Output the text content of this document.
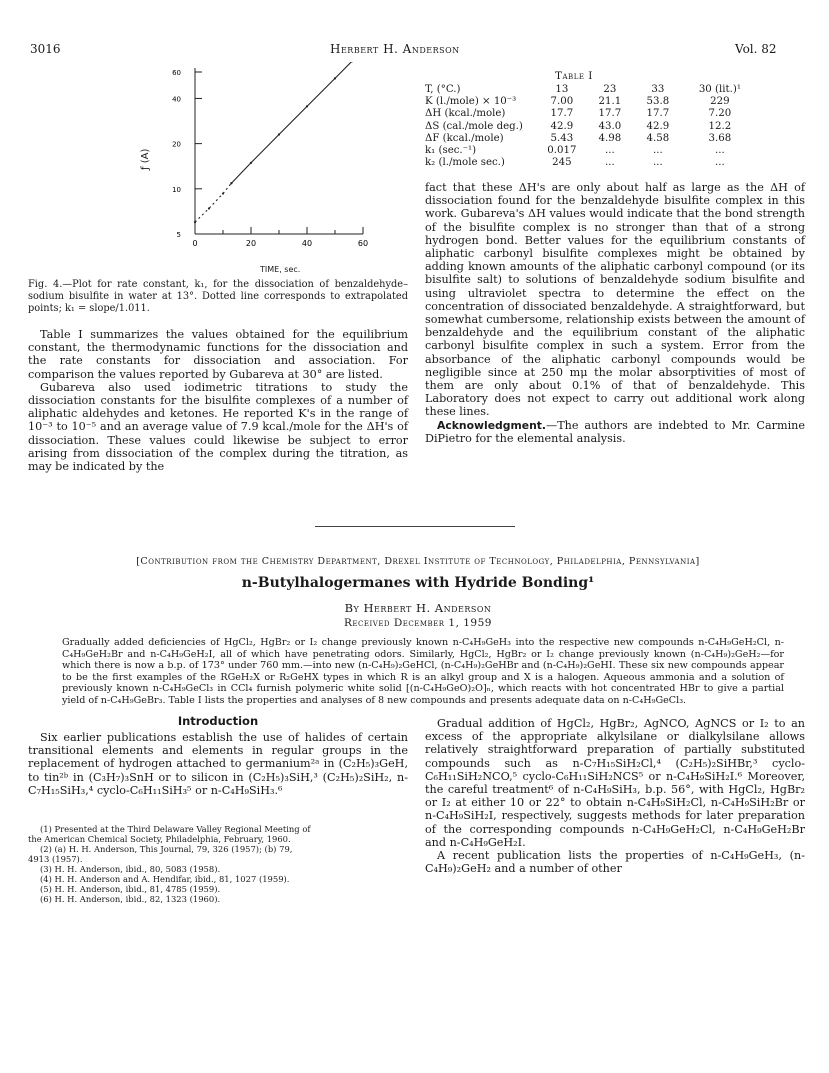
3016	Herbert H. Anderson	Vol. 82
5
10
20
40
60
0	20	40	60
ƒ (A)
TIME, sec.
Fig. 4.—Plot for rate constant, k₁, for the dissociation of benzaldehyde–sodium bisulfite in water at 13°. Dotted line corresponds to extrapolated points; k₁ = slope/1.011.

Table I summarizes the values obtained for the equilibrium constant, the thermodynamic functions for the dissociation and the rate constants for dissociation and association. For comparison the values reported by Gubareva at 30° are listed.

Gubareva also used iodimetric titrations to study the dissociation constants for the bisulfite complexes of a number of aliphatic aldehydes and ketones. He reported K's in the range of 10⁻³ to 10⁻⁵ and an average value of 7.9 kcal./mole for the ΔH's of dissociation. These values could likewise be subject to error arising from dissociation of the complex during the titration, as may be indicated by the

Table I
T, (°C.)	13	23	33	30 (lit.)¹
K (l./mole) × 10⁻³	7.00	21.1	53.8	229
ΔH (kcal./mole)	17.7	17.7	17.7	7.20
ΔS (cal./mole deg.)	42.9	43.0	42.9	12.2
ΔF (kcal./mole)	5.43	4.98	4.58	3.68
k₁ (sec.⁻¹)	0.017	...	...	...
k₂ (l./mole sec.)	245	...	...	...

fact that these ΔH's are only about half as large as the ΔH of dissociation found for the benzaldehyde bisulfite complex in this work. Gubareva's ΔH values would indicate that the bond strength of the bisulfite complex is no stronger than that of a strong hydrogen bond. Better values for the equilibrium constants of aliphatic carbonyl bisulfite complexes might be obtained by adding known amounts of the aliphatic carbonyl compound (or its bisulfite salt) to solutions of benzaldehyde sodium bisulfite and using ultraviolet spectra to determine the effect on the concentration of dissociated benzaldehyde. A straightforward, but somewhat cumbersome, relationship exists between the amount of benzaldehyde and the equilibrium constant of the aliphatic carbonyl bisulfite complex in such a system. Error from the absorbance of the aliphatic carbonyl compounds would be negligible since at 250 mμ the molar absorptivities of most of them are only about 0.1% of that of benzaldehyde. This Laboratory does not expect to carry out additional work along these lines.

Acknowledgment.—The authors are indebted to Mr. Carmine DiPietro for the elemental analysis.

[Contribution from the Chemistry Department, Drexel Institute of Technology, Philadelphia, Pennsylvania]
n-Butylhalogermanes with Hydride Bonding¹
By Herbert H. Anderson
Received December 1, 1959
Gradually added deficiencies of HgCl₂, HgBr₂ or I₂ change previously known n-C₄H₉GeH₃ into the respective new compounds n-C₄H₉GeH₂Cl, n-C₄H₉GeH₂Br and n-C₄H₉GeH₂I, all of which have penetrating odors. Similarly, HgCl₂, HgBr₂ or I₂ change previously known (n-C₄H₉)₂GeH₂—for which there is now a b.p. of 173° under 760 mm.—into new (n-C₄H₉)₂GeHCl, (n-C₄H₉)₂GeHBr and (n-C₄H₉)₂GeHI. These six new compounds appear to be the first examples of the RGeH₂X or R₂GeHX types in which R is an alkyl group and X is a halogen. Aqueous ammonia and a solution of previously known n-C₄H₉GeCl₃ in CCl₄ furnish polymeric white solid [(n-C₄H₉GeO)₂O]ₙ, which reacts with hot concentrated HBr to give a partial yield of n-C₄H₉GeBr₃. Table I lists the properties and analyses of 8 new compounds and presents adequate data on n-C₄H₉GeCl₃.
Introduction

Six earlier publications establish the use of halides of certain transitional elements and elements in regular groups in the replacement of hydrogen attached to germanium²ᵃ in (C₂H₅)₃GeH, to tin²ᵇ in (C₃H₇)₃SnH or to silicon in (C₂H₅)₃SiH,³ (C₂H₅)₂SiH₂, n-C₇H₁₅SiH₃,⁴ cyclo-C₆H₁₁SiH₃⁵ or n-C₄H₉SiH₃.⁶

(1) Presented at the Third Delaware Valley Regional Meeting of
the American Chemical Society, Philadelphia, February, 1960.
(2) (a) H. H. Anderson, This Journal, 79, 326 (1957); (b) 79,
4913 (1957).
(3) H. H. Anderson, ibid., 80, 5083 (1958).
(4) H. H. Anderson and A. Hendifar, ibid., 81, 1027 (1959).
(5) H. H. Anderson, ibid., 81, 4785 (1959).
(6) H. H. Anderson, ibid., 82, 1323 (1960).

Gradual addition of HgCl₂, HgBr₂, AgNCO, AgNCS or I₂ to an excess of the appropriate alkylsilane or dialkylsilane allows relatively straightforward preparation of partially substituted compounds such as n-C₇H₁₅SiH₂Cl,⁴ (C₂H₅)₂SiHBr,³ cyclo-C₆H₁₁SiH₂NCO,⁵ cyclo-C₆H₁₁SiH₂NCS⁵ or n-C₄H₉SiH₂I.⁶ Moreover, the careful treatment⁶ of n-C₄H₉SiH₃, b.p. 56°, with HgCl₂, HgBr₂ or I₂ at either 10 or 22° to obtain n-C₄H₉SiH₂Cl, n-C₄H₉SiH₂Br or n-C₄H₉SiH₂I, respectively, suggests methods for later preparation of the corresponding compounds n-C₄H₉GeH₂Cl, n-C₄H₉GeH₂Br and n-C₄H₉GeH₂I.

A recent publication lists the properties of n-C₄H₉GeH₃, (n-C₄H₉)₂GeH₂ and a number of other
